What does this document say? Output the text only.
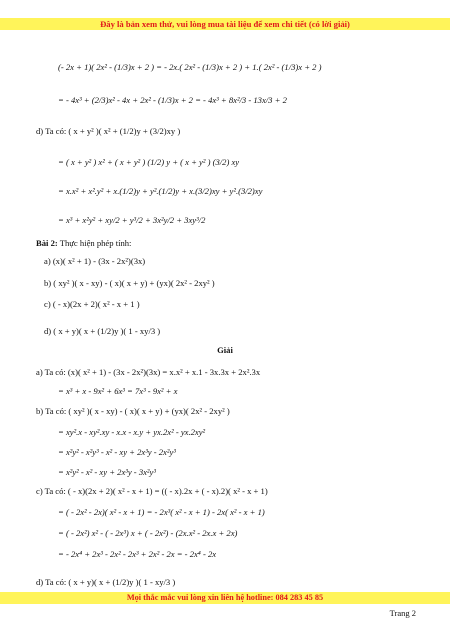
Đây là bản xem thử, vui lòng mua tài liệu để xem chi tiết (có lời giải)
(- 2x + 1)( 2x² - (1/3)x + 2 ) = - 2x.( 2x² - (1/3)x + 2 ) + 1.( 2x² - (1/3)x + 2 )
= - 4x³ + (2/3)x² - 4x + 2x² - (1/3)x + 2 = - 4x³ + 8x²/3 - 13x/3 + 2
d) Ta có: ( x + y² )( x² + (1/2)y + (3/2)xy )
= ( x + y² ) x² + ( x + y² ) (1/2) y + ( x + y² ) (3/2) xy
= x.x² + x².y² + x.(1/2)y + y².(1/2)y + x.(3/2)xy + y².(3/2)xy
= x³ + x²y² + xy/2 + y³/2 + 3x²y/2 + 3xy³/2
Bài 2: Thực hiện phép tính:
a) (x)( x² + 1) - (3x - 2x²)(3x)
b) ( xy² )( x - xy) - ( x)( x + y) + (yx)( 2x² - 2xy² )
c) ( - x)(2x + 2)( x² - x + 1 )
d) ( x + y)( x + (1/2)y )( 1 - xy/3 )
a) Ta có: (x)( x² + 1) - (3x - 2x²)(3x) = x.x² + x.1 - 3x.3x + 2x².3x
= x³ + x - 9x² + 6x³ = 7x³ - 9x² + x
b) Ta có: ( xy² )( x - xy) - ( x)( x + y) + (yx)( 2x² - 2xy² )
= xy².x - xy².xy - x.x - x.y + yx.2x² - yx.2xy²
= x²y² - x²y³ - x² - xy + 2x³y - 2x²y³
= x²y² - x² - xy + 2x³y - 3x²y³
c) Ta có: ( - x)(2x + 2)( x² - x + 1) = (( - x).2x + ( - x).2)( x² - x + 1)
= ( - 2x² - 2x)( x² - x + 1) = - 2x³( x² - x + 1) - 2x( x² - x + 1)
= ( - 2x²) x² - ( - 2x³) x + ( - 2x²) - (2x.x² - 2x.x + 2x)
= - 2x⁴ + 2x³ - 2x² - 2x³ + 2x² - 2x = - 2x⁴ - 2x
d) Ta có: ( x + y)( x + (1/2)y )( 1 - xy/3 )
Giải
Mọi thắc mắc vui lòng xin liên hệ hotline: 084 283 45 85
Trang 2
